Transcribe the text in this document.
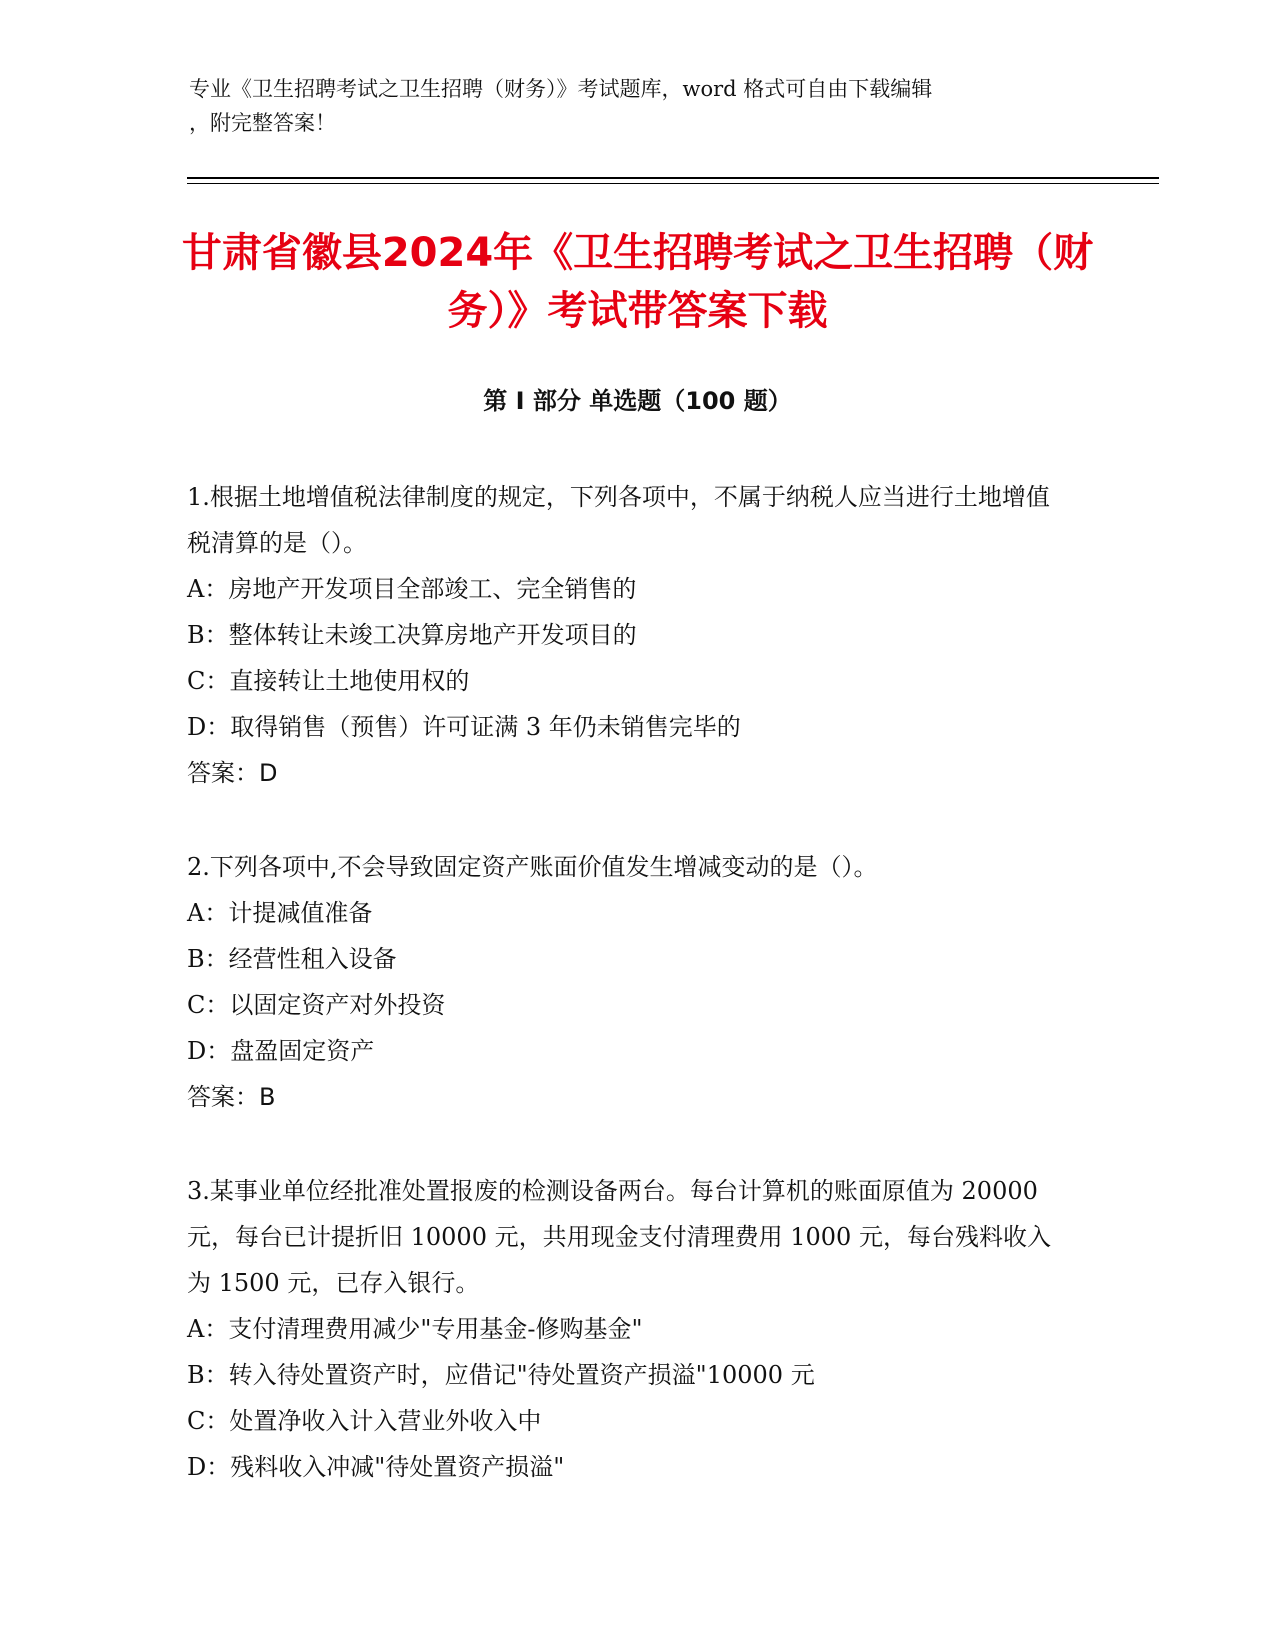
专业《卫生招聘考试之卫生招聘（财务）》考试题库，word 格式可自由下载编辑
，附完整答案！
甘肃省徽县2024年《卫生招聘考试之卫生招聘（财务）》考试带答案下载
第 I 部分 单选题（100 题）

1.根据土地增值税法律制度的规定，下列各项中，不属于纳税人应当进行土地增值税清算的是（）。

A：房地产开发项目全部竣工、完全销售的

B：整体转让未竣工决算房地产开发项目的

C：直接转让土地使用权的

D：取得销售（预售）许可证满 3 年仍未销售完毕的

答案：D

2.下列各项中,不会导致固定资产账面价值发生增减变动的是（）。

A：计提减值准备

B：经营性租入设备

C：以固定资产对外投资

D：盘盈固定资产

答案：B

3.某事业单位经批准处置报废的检测设备两台。每台计算机的账面原值为 20000 元，每台已计提折旧 10000 元，共用现金支付清理费用 1000 元，每台残料收入为 1500 元，已存入银行。

A：支付清理费用减少"专用基金-修购基金"

B：转入待处置资产时，应借记"待处置资产损溢"10000 元

C：处置净收入计入营业外收入中

D：残料收入冲减"待处置资产损溢"
